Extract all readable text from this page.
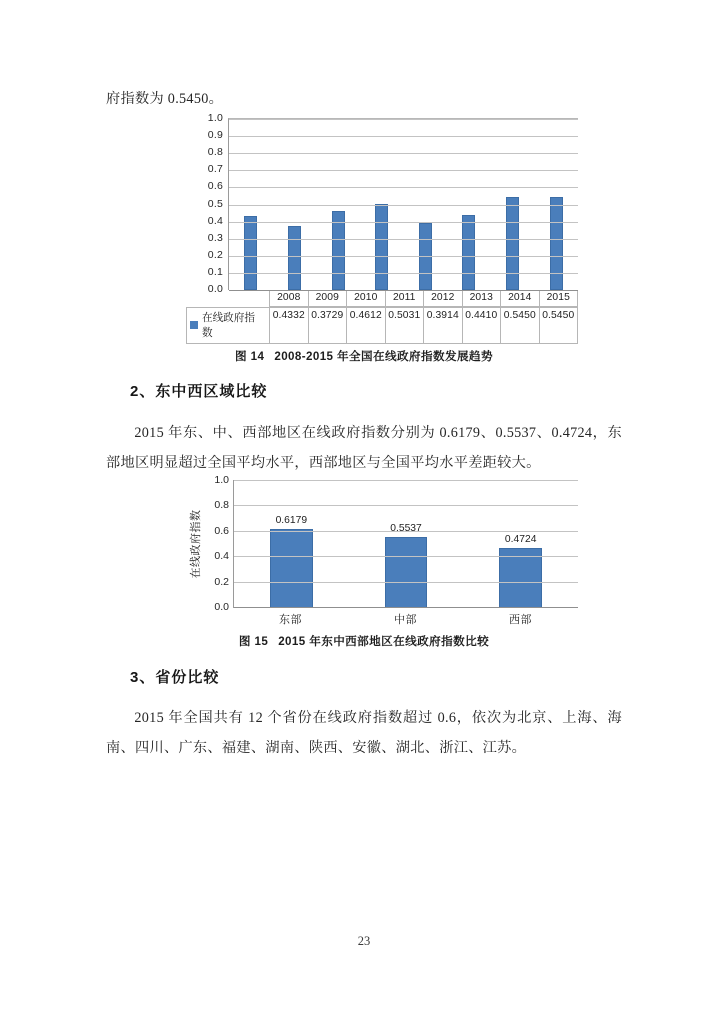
府指数为 0.5450。
1.0
0.9
0.8
0.7
0.6
0.5
0.4
0.3
0.2
0.1
0.0
2008	2009	2010	2011	2012	2013	2014	2015
在线政府指数
0.4332 0.3729 0.4612 0.5031 0.3914 0.4410 0.5450 0.5450
图 14 2008-2015 年全国在线政府指数发展趋势
2、东中西区域比较
2015 年东、中、西部地区在线政府指数分别为 0.6179、0.5537、0.4724，东部地区明显超过全国平均水平，西部地区与全国平均水平差距较大。
在线政府指数
1.0
0.8
0.6
0.4
0.2
0.0
0.6179
0.5537
0.4724
东部	中部	西部
图 15 2015 年东中西部地区在线政府指数比较
3、省份比较
2015 年全国共有 12 个省份在线政府指数超过 0.6，依次为北京、上海、海南、四川、广东、福建、湖南、陕西、安徽、湖北、浙江、江苏。
23
